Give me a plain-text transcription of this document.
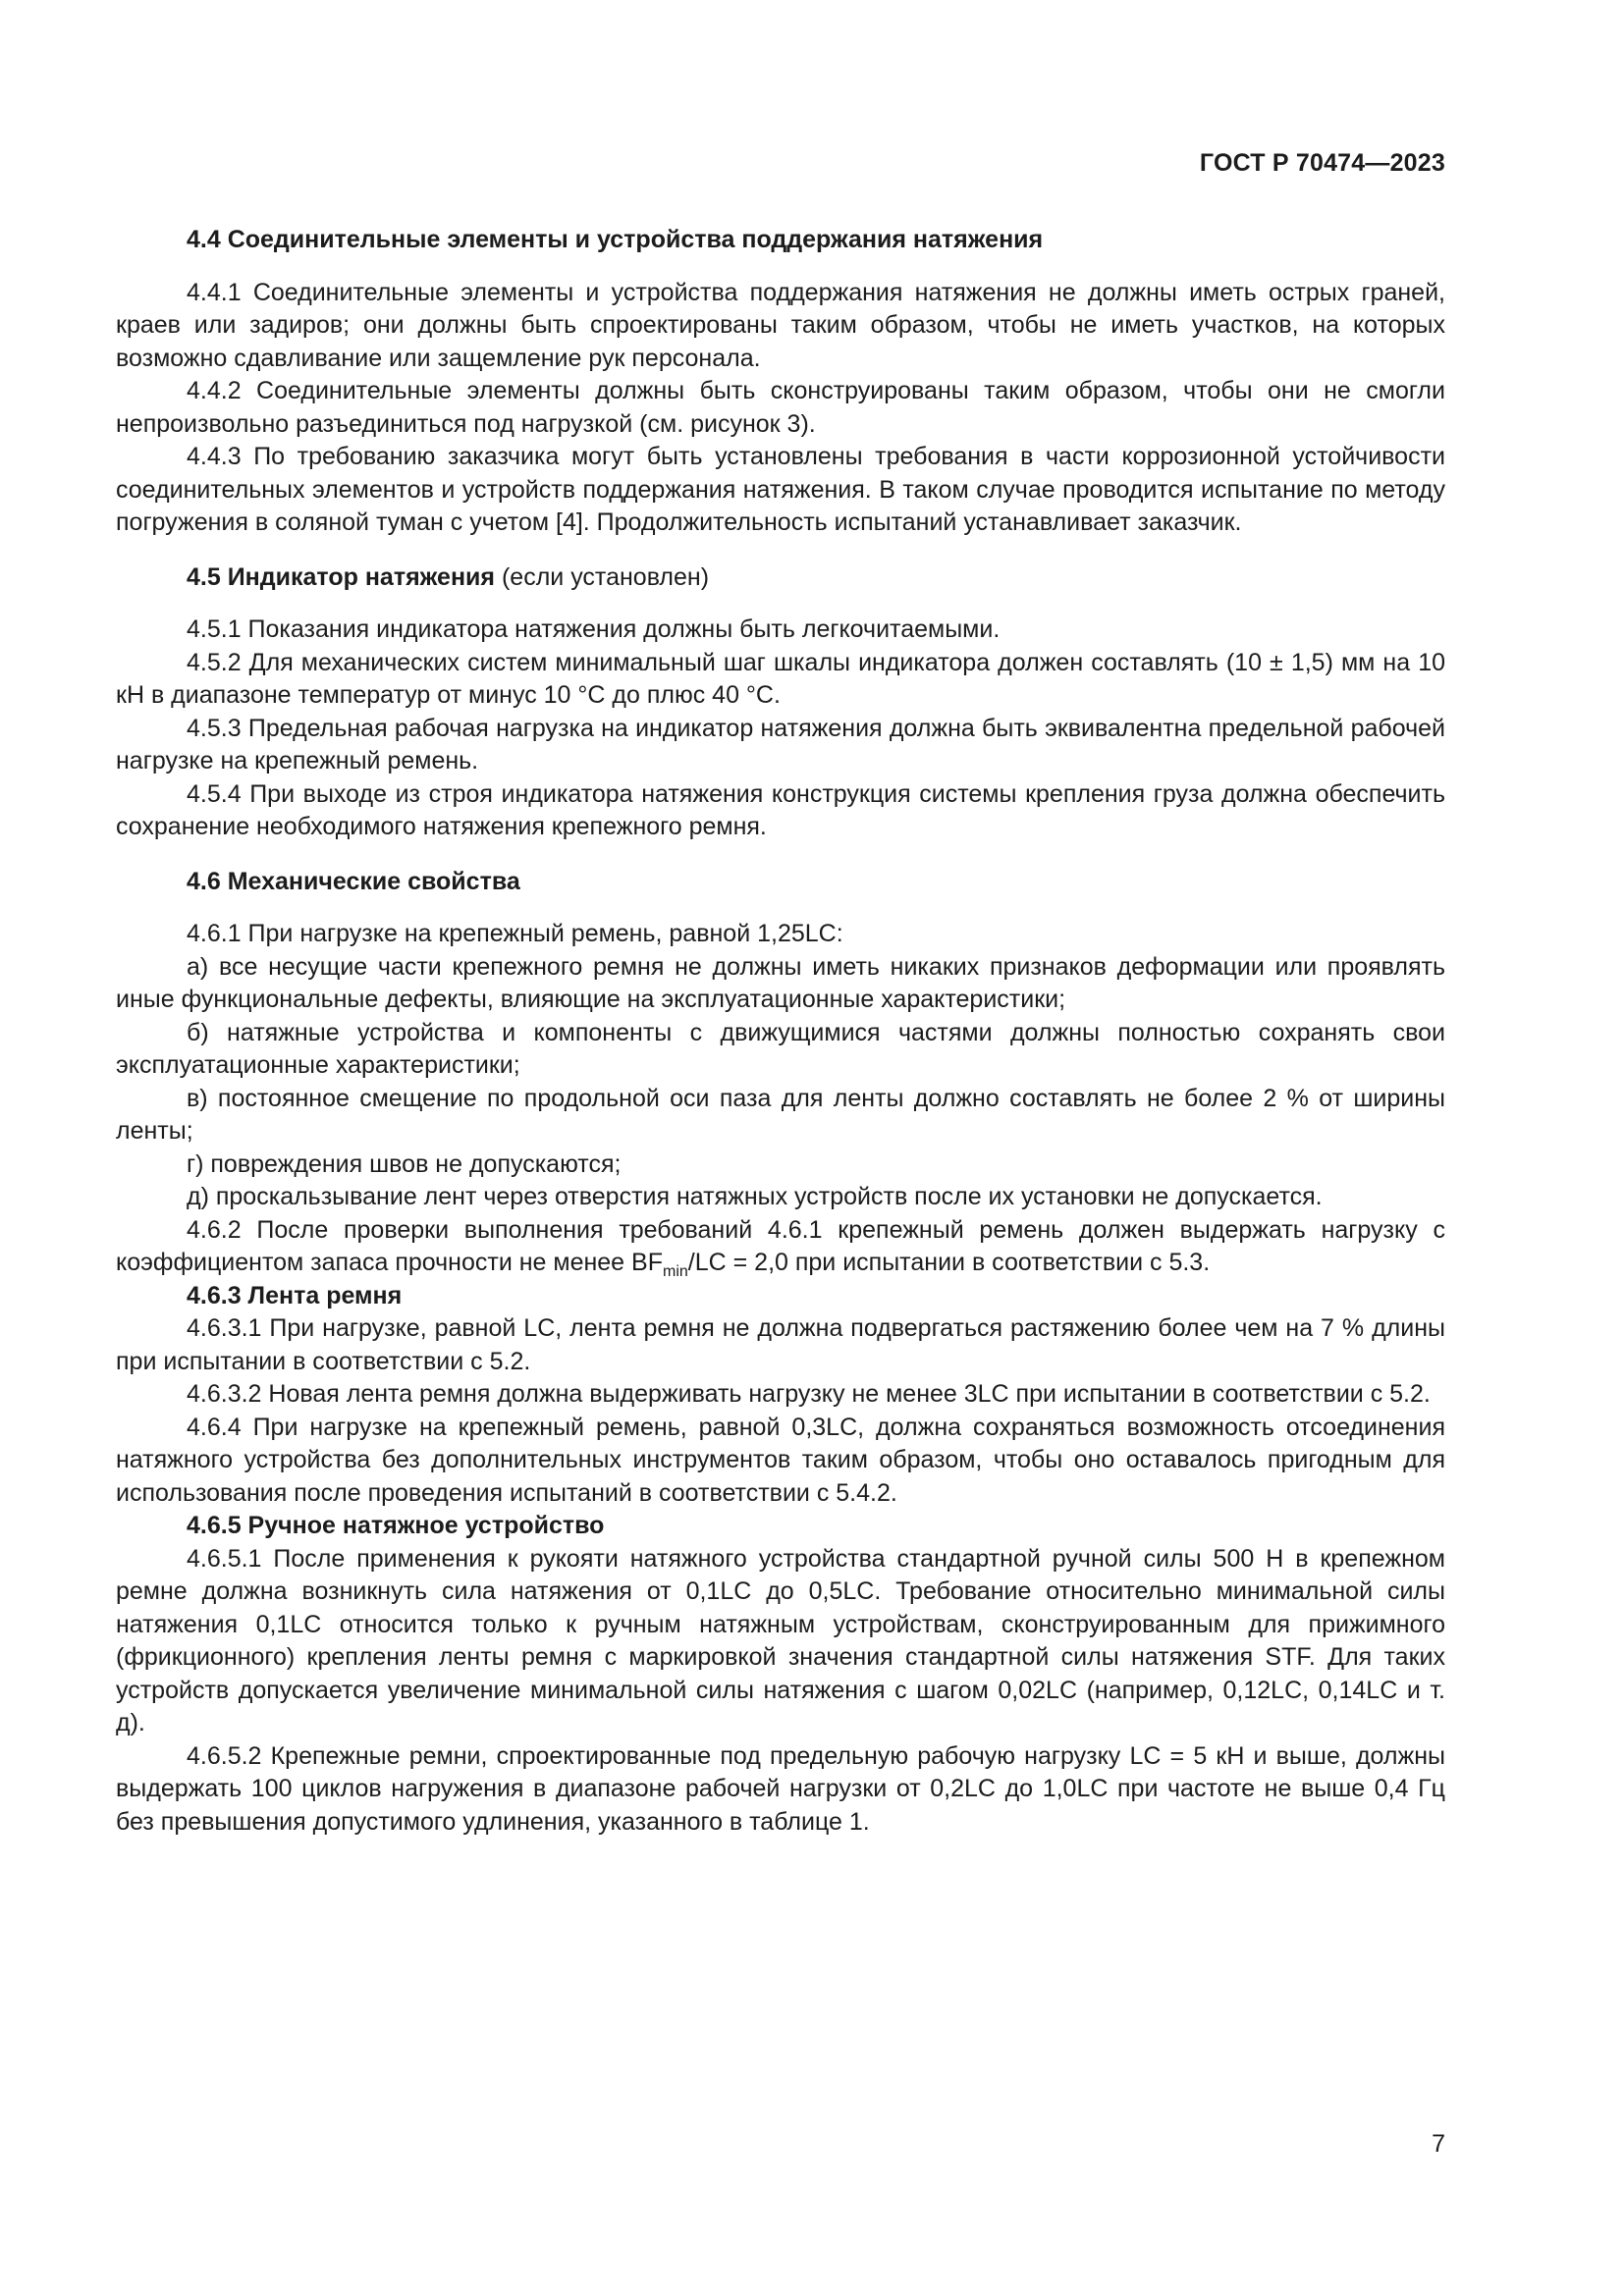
ГОСТ Р 70474—2023

4.4 Соединительные элементы и устройства поддержания натяжения

4.4.1 Соединительные элементы и устройства поддержания натяжения не должны иметь острых граней, краев или задиров; они должны быть спроектированы таким образом, чтобы не иметь участков, на которых возможно сдавливание или защемление рук персонала.

4.4.2 Соединительные элементы должны быть сконструированы таким образом, чтобы они не смогли непроизвольно разъединиться под нагрузкой (см. рисунок 3).

4.4.3 По требованию заказчика могут быть установлены требования в части коррозионной устойчивости соединительных элементов и устройств поддержания натяжения. В таком случае проводится испытание по методу погружения в соляной туман с учетом [4]. Продолжительность испытаний устанавливает заказчик.

4.5 Индикатор натяжения (если установлен)

4.5.1 Показания индикатора натяжения должны быть легкочитаемыми.

4.5.2 Для механических систем минимальный шаг шкалы индикатора должен составлять (10 ± 1,5) мм на 10 кН в диапазоне температур от минус 10 °C до плюс 40 °C.

4.5.3 Предельная рабочая нагрузка на индикатор натяжения должна быть эквивалентна предельной рабочей нагрузке на крепежный ремень.

4.5.4 При выходе из строя индикатора натяжения конструкция системы крепления груза должна обеспечить сохранение необходимого натяжения крепежного ремня.

4.6 Механические свойства

4.6.1 При нагрузке на крепежный ремень, равной 1,25LC:

а) все несущие части крепежного ремня не должны иметь никаких признаков деформации или проявлять иные функциональные дефекты, влияющие на эксплуатационные характеристики;

б) натяжные устройства и компоненты с движущимися частями должны полностью сохранять свои эксплуатационные характеристики;

в) постоянное смещение по продольной оси паза для ленты должно составлять не более 2 % от ширины ленты;

г) повреждения швов не допускаются;

д) проскальзывание лент через отверстия натяжных устройств после их установки не допускается.

4.6.2 После проверки выполнения требований 4.6.1 крепежный ремень должен выдержать нагрузку с коэффициентом запаса прочности не менее $BF_{min}/LC = 2,0$ при испытании в соответствии с 5.3.

4.6.3 Лента ремня

4.6.3.1 При нагрузке, равной LC, лента ремня не должна подвергаться растяжению более чем на 7 % длины при испытании в соответствии с 5.2.

4.6.3.2 Новая лента ремня должна выдерживать нагрузку не менее 3LC при испытании в соответствии с 5.2.

4.6.4 При нагрузке на крепежный ремень, равной 0,3LC, должна сохраняться возможность отсоединения натяжного устройства без дополнительных инструментов таким образом, чтобы оно оставалось пригодным для использования после проведения испытаний в соответствии с 5.4.2.

4.6.5 Ручное натяжное устройство

4.6.5.1 После применения к рукояти натяжного устройства стандартной ручной силы 500 Н в крепежном ремне должна возникнуть сила натяжения от 0,1LC до 0,5LC. Требование относительно минимальной силы натяжения 0,1LC относится только к ручным натяжным устройствам, сконструированным для прижимного (фрикционного) крепления ленты ремня с маркировкой значения стандартной силы натяжения STF. Для таких устройств допускается увеличение минимальной силы натяжения с шагом 0,02LC (например, 0,12LC, 0,14LC и т. д).

4.6.5.2 Крепежные ремни, спроектированные под предельную рабочую нагрузку LC = 5 кН и выше, должны выдержать 100 циклов нагружения в диапазоне рабочей нагрузки от 0,2LC до 1,0LC при частоте не выше 0,4 Гц без превышения допустимого удлинения, указанного в таблице 1.

7
